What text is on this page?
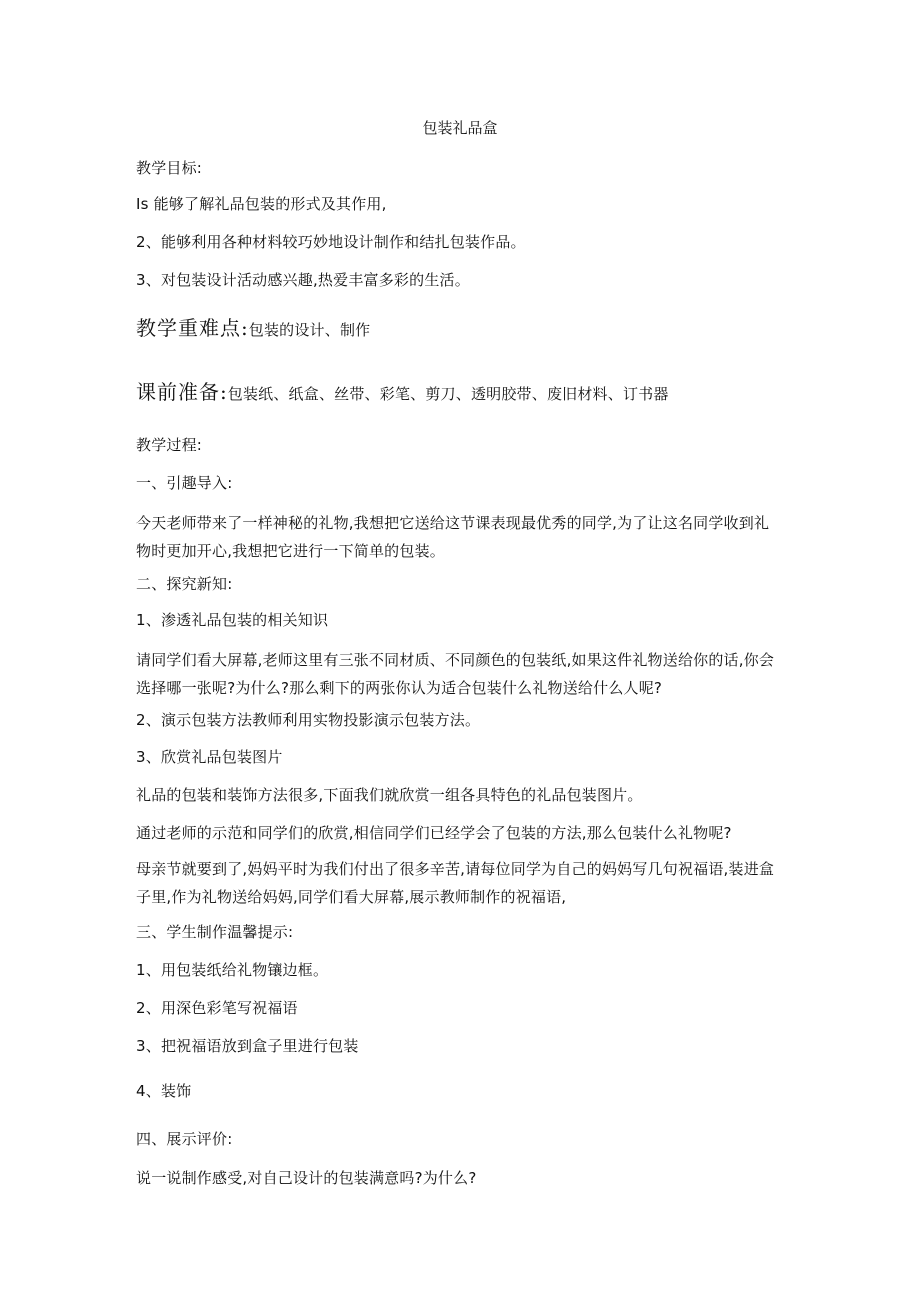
包装礼品盒
教学目标:
Is 能够了解礼品包装的形式及其作用,
2、能够利用各种材料较巧妙地设计制作和结扎包装作品。
3、对包装设计活动感兴趣,热爱丰富多彩的生活。
教学重难点:包装的设计、制作
课前准备:包装纸、纸盒、丝带、彩笔、剪刀、透明胶带、废旧材料、订书器
教学过程:
一、引趣导入:
今天老师带来了一样神秘的礼物,我想把它送给这节课表现最优秀的同学,为了让这名同学收到礼物时更加开心,我想把它进行一下简单的包装。
二、探究新知:
1、渗透礼品包装的相关知识
请同学们看大屏幕,老师这里有三张不同材质、不同颜色的包装纸,如果这件礼物送给你的话,你会选择哪一张呢?为什么?那么剩下的两张你认为适合包装什么礼物送给什么人呢?
2、演示包装方法教师利用实物投影演示包装方法。
3、欣赏礼品包装图片
礼品的包装和装饰方法很多,下面我们就欣赏一组各具特色的礼品包装图片。
通过老师的示范和同学们的欣赏,相信同学们已经学会了包装的方法,那么包装什么礼物呢?
母亲节就要到了,妈妈平时为我们付出了很多辛苦,请每位同学为自己的妈妈写几句祝福语,装进盒子里,作为礼物送给妈妈,同学们看大屏幕,展示教师制作的祝福语,
三、学生制作温馨提示:
1、用包装纸给礼物镶边框。
2、用深色彩笔写祝福语
3、把祝福语放到盒子里进行包装
4、装饰
四、展示评价:
说一说制作感受,对自己设计的包装满意吗?为什么?
